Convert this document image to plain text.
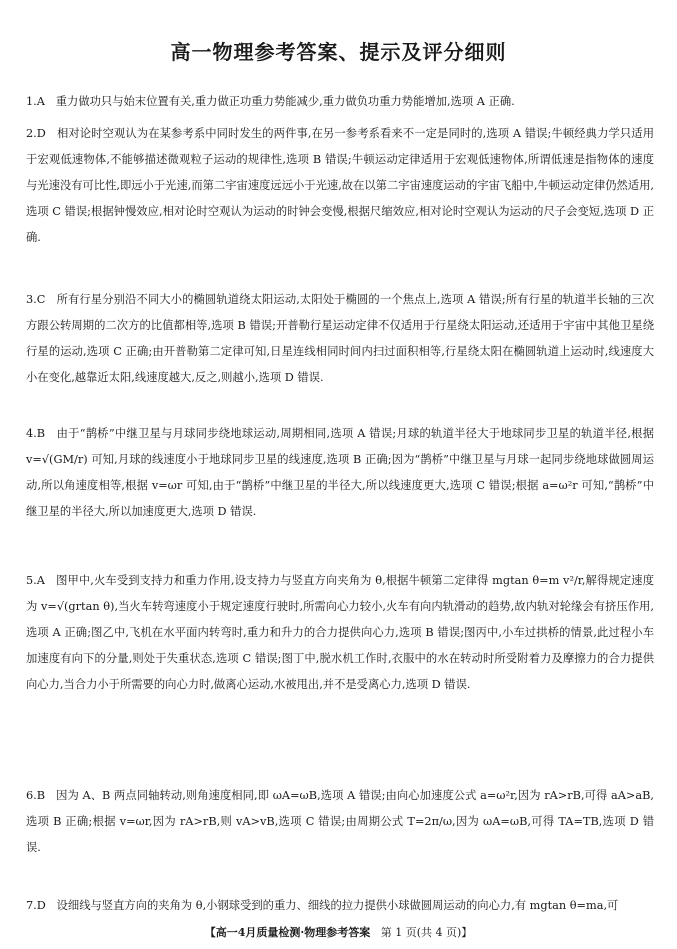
高一物理参考答案、提示及评分细则

1.A 重力做功只与始末位置有关,重力做正功重力势能减少,重力做负功重力势能增加,选项 A 正确.

2.D 相对论时空观认为在某参考系中同时发生的两件事,在另一参考系看来不一定是同时的,选项 A 错误;牛顿经典力学只适用于宏观低速物体,不能够描述微观粒子运动的规律性,选项 B 错误;牛顿运动定律适用于宏观低速物体,所谓低速是指物体的速度与光速没有可比性,即远小于光速,而第二宇宙速度远远小于光速,故在以第二宇宙速度运动的宇宙飞船中,牛顿运动定律仍然适用,选项 C 错误;根据钟慢效应,相对论时空观认为运动的时钟会变慢,根据尺缩效应,相对论时空观认为运动的尺子会变短,选项 D 正确.

3.C 所有行星分别沿不同大小的椭圆轨道绕太阳运动,太阳处于椭圆的一个焦点上,选项 A 错误;所有行星的轨道半长轴的三次方跟公转周期的二次方的比值都相等,选项 B 错误;开普勒行星运动定律不仅适用于行星绕太阳运动,还适用于宇宙中其他卫星绕行星的运动,选项 C 正确;由开普勒第二定律可知,日星连线相同时间内扫过面积相等,行星绕太阳在椭圆轨道上运动时,线速度大小在变化,越靠近太阳,线速度越大,反之,则越小,选项 D 错误.

4.B 由于“鹊桥”中继卫星与月球同步绕地球运动,周期相同,选项 A 错误;月球的轨道半径大于地球同步卫星的轨道半径,根据 v=√(GM/r) 可知,月球的线速度小于地球同步卫星的线速度,选项 B 正确;因为“鹊桥”中继卫星与月球一起同步绕地球做圆周运动,所以角速度相等,根据 v=ωr 可知,由于“鹊桥”中继卫星的半径大,所以线速度更大,选项 C 错误;根据 a=ω²r 可知,“鹊桥”中继卫星的半径大,所以加速度更大,选项 D 错误.

5.A 图甲中,火车受到支持力和重力作用,设支持力与竖直方向夹角为 θ,根据牛顿第二定律得 mgtan θ=m v²/r,解得规定速度为 v=√(grtan θ),当火车转弯速度小于规定速度行驶时,所需向心力较小,火车有向内轨滑动的趋势,故内轨对轮缘会有挤压作用,选项 A 正确;图乙中,飞机在水平面内转弯时,重力和升力的合力提供向心力,选项 B 错误;图丙中,小车过拱桥的情景,此过程小车加速度有向下的分量,则处于失重状态,选项 C 错误;图丁中,脱水机工作时,衣服中的水在转动时所受附着力及摩擦力的合力提供向心力,当合力小于所需要的向心力时,做离心运动,水被甩出,并不是受离心力,选项 D 错误.

6.B 因为 A、B 两点同轴转动,则角速度相同,即 ωA=ωB,选项 A 错误;由向心加速度公式 a=ω²r,因为 rA>rB,可得 aA>aB,选项 B 正确;根据 v=ωr,因为 rA>rB,则 vA>vB,选项 C 错误;由周期公式 T=2π/ω,因为 ωA=ωB,可得 TA=TB,选项 D 错误.

7.D 设细线与竖直方向的夹角为 θ,小钢球受到的重力、细线的拉力提供小球做圆周运动的向心力,有 mgtan θ=ma,可

【高一4月质量检测·物理参考答案 第 1 页(共 4 页)】
